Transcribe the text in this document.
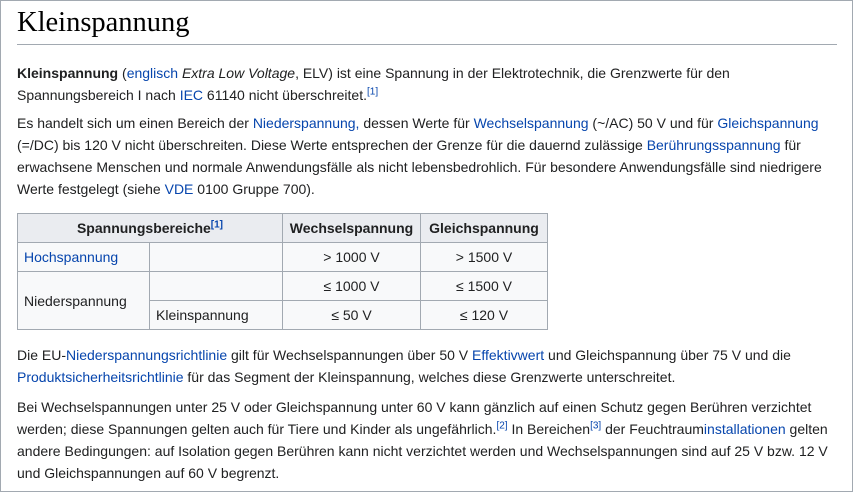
Kleinspannung

Kleinspannung (englisch Extra Low Voltage, ELV) ist eine Spannung in der Elektrotechnik, die Grenzwerte für den Spannungsbereich I nach IEC 61140 nicht überschreitet.[1]

Es handelt sich um einen Bereich der Niederspannung, dessen Werte für Wechselspannung (~/AC) 50 V und für Gleichspannung (=/DC) bis 120 V nicht überschreiten. Diese Werte entsprechen der Grenze für die dauernd zulässige Berührungsspannung für erwachsene Menschen und normale Anwendungsfälle als nicht lebensbedrohlich. Für besondere Anwendungsfälle sind niedrigere Werte festgelegt (siehe VDE 0100 Gruppe 700).

Spannungsbereiche[1]		Wechselspannung	Gleichspannung
Hochspannung		> 1000 V	> 1500 V
Niederspannung		≤ 1000 V	≤ 1500 V
	Kleinspannung	≤ 50 V	≤ 120 V

Die EU-Niederspannungsrichtlinie gilt für Wechselspannungen über 50 V Effektivwert und Gleichspannung über 75 V und die Produktsicherheitsrichtlinie für das Segment der Kleinspannung, welches diese Grenzwerte unterschreitet.

Bei Wechselspannungen unter 25 V oder Gleichspannung unter 60 V kann gänzlich auf einen Schutz gegen Berühren verzichtet werden; diese Spannungen gelten auch für Tiere und Kinder als ungefährlich.[2] In Bereichen[3] der Feuchtrauminstallationen gelten andere Bedingungen: auf Isolation gegen Berühren kann nicht verzichtet werden und Wechselspannungen sind auf 25 V bzw. 12 V und Gleichspannungen auf 60 V begrenzt.
